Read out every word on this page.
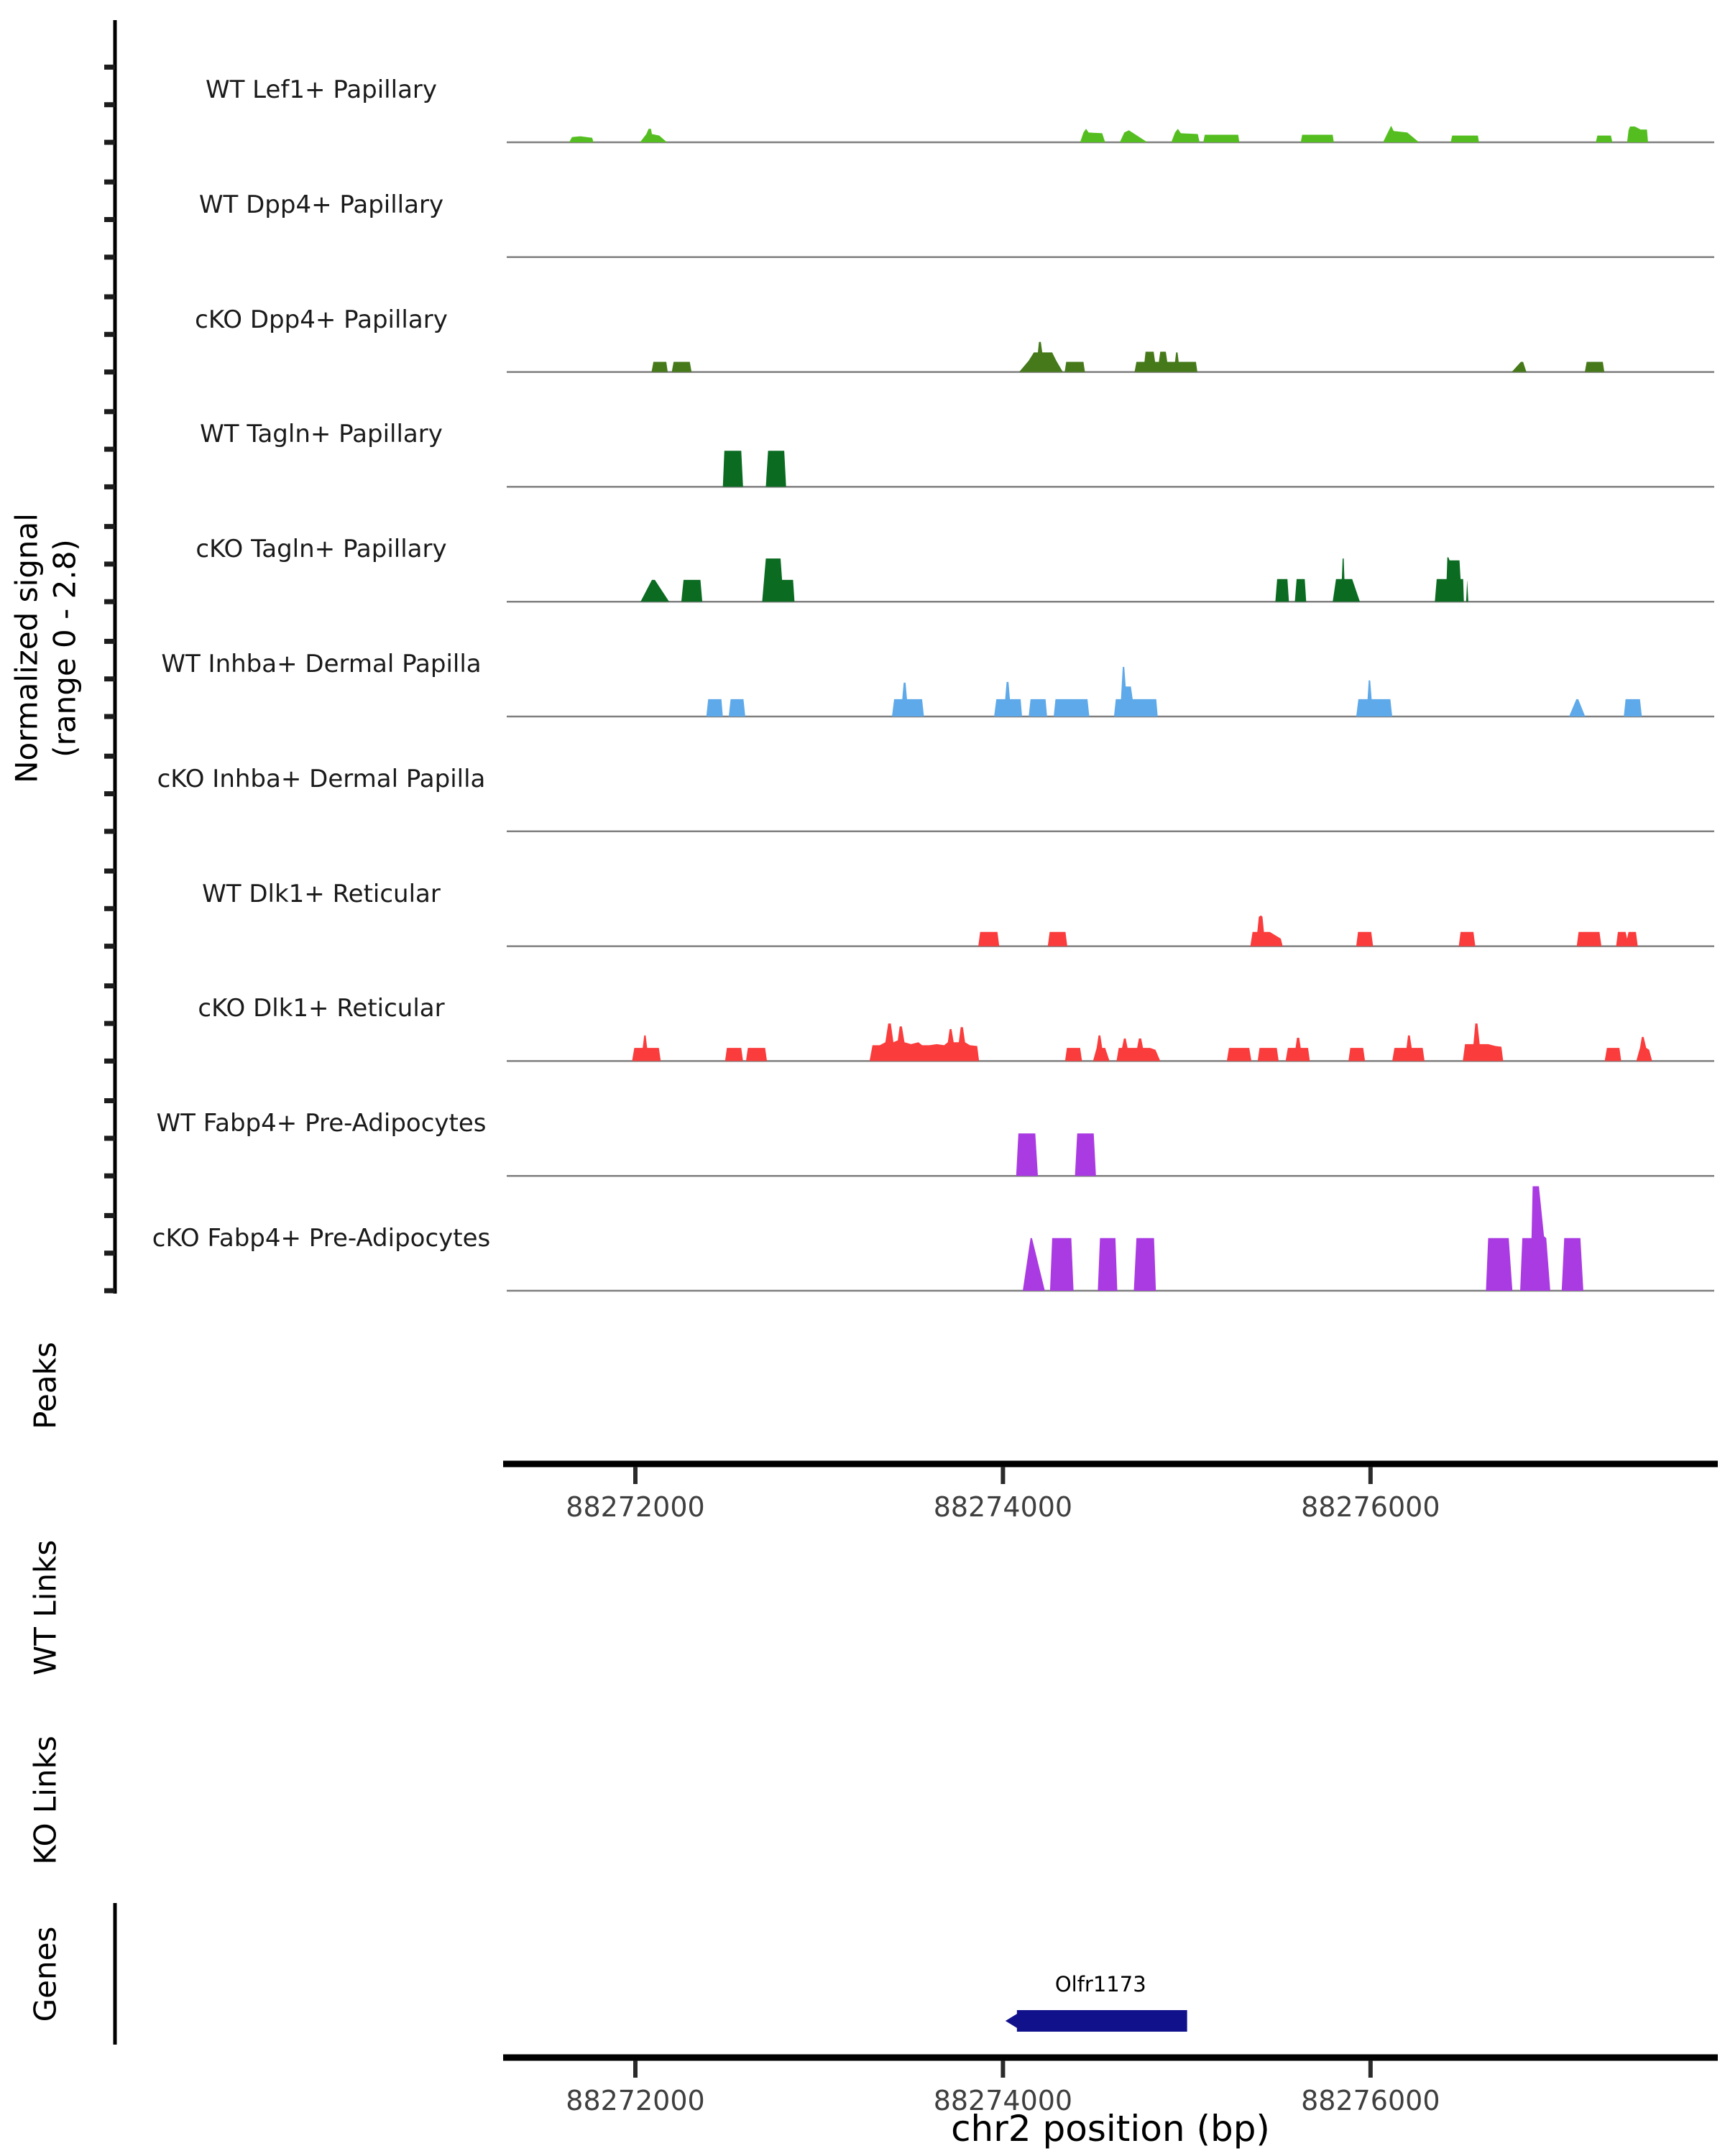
WT Lef1+ Papillary
WT Dpp4+ Papillary
cKO Dpp4+ Papillary
WT Tagln+ Papillary
cKO Tagln+ Papillary
WT Inhba+ Dermal Papilla
cKO Inhba+ Dermal Papilla
WT Dlk1+ Reticular
cKO Dlk1+ Reticular
WT Fabp4+ Pre-Adipocytes
cKO Fabp4+ Pre-Adipocytes
Normalized signal (range 0 - 2.8)
Peaks
WT Links
KO Links
Genes
88272000	88274000	88276000
88272000	88274000	88276000
Olfr1173
chr2 position (bp)
